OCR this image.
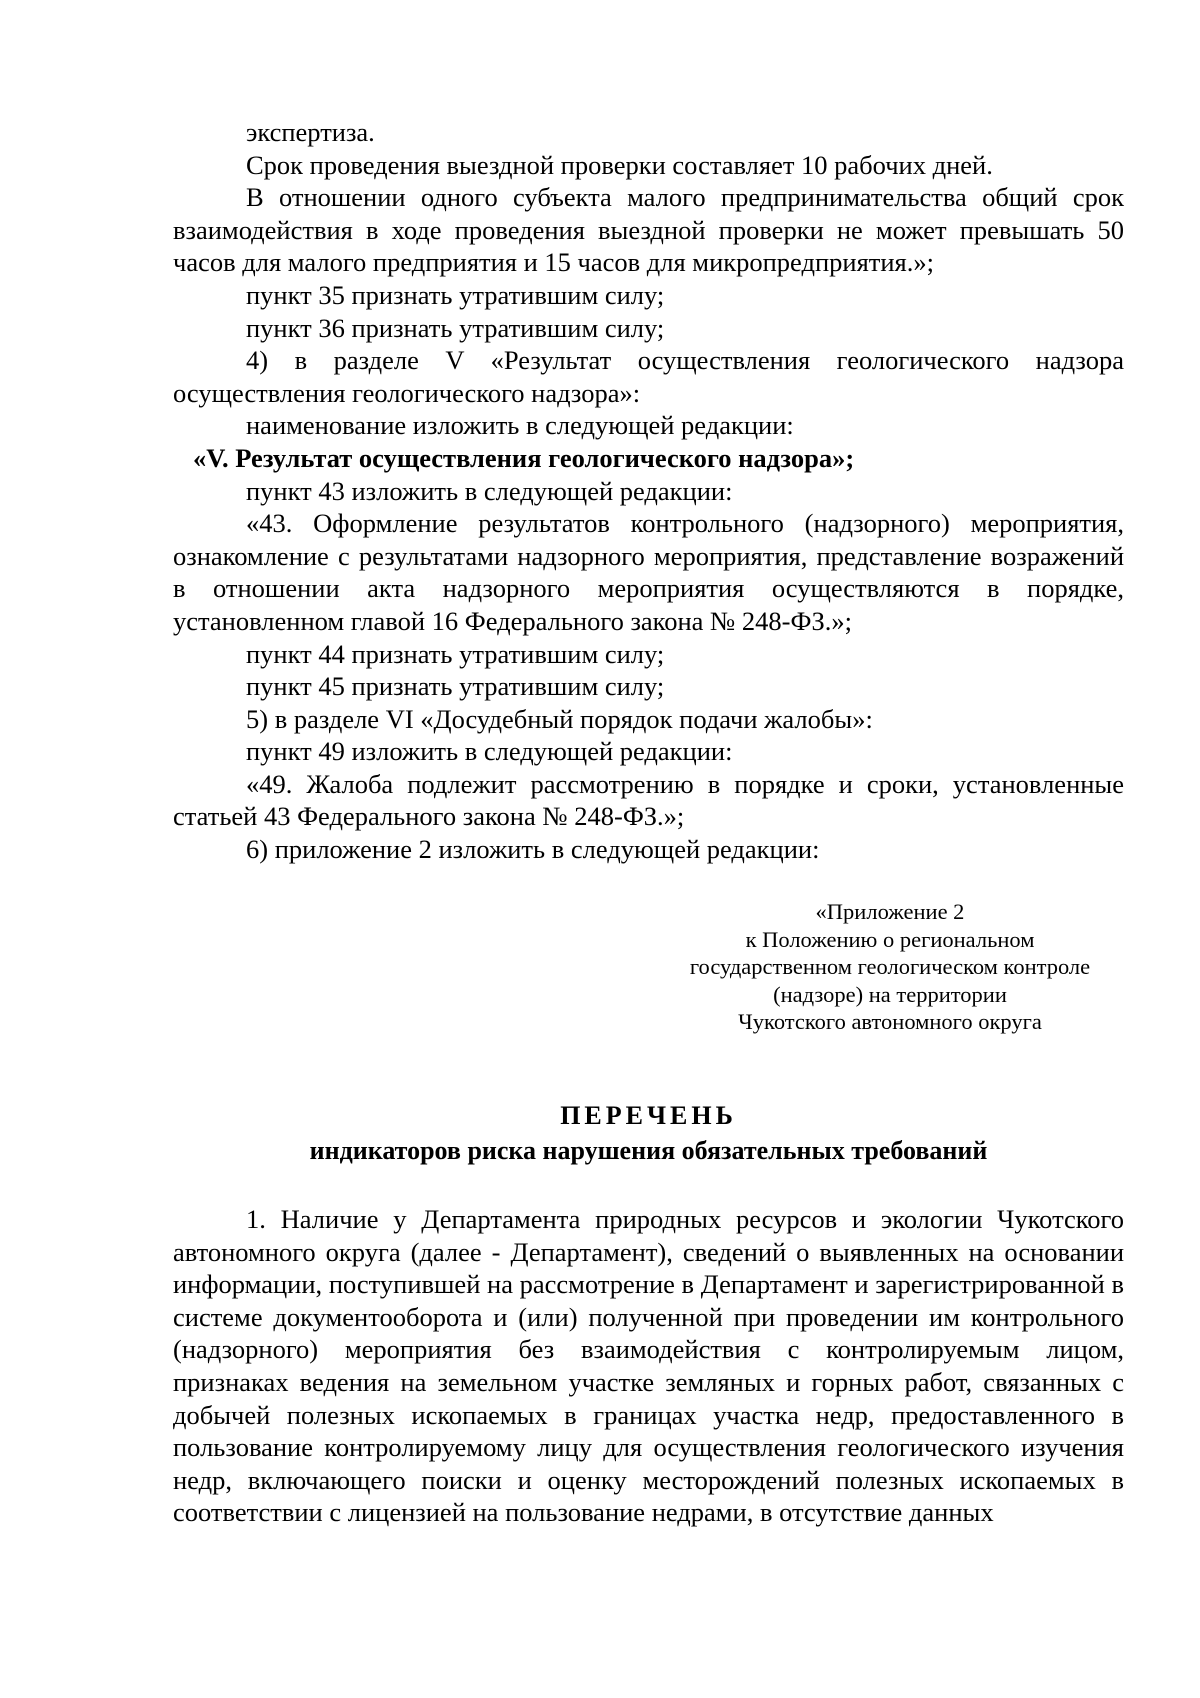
экспертиза.

Срок проведения выездной проверки составляет 10 рабочих дней.

В отношении одного субъекта малого предпринимательства общий срок взаимодействия в ходе проведения выездной проверки не может превышать 50 часов для малого предприятия и 15 часов для микропредприятия.»;

пункт 35 признать утратившим силу;

пункт 36 признать утратившим силу;

4) в разделе V «Результат осуществления геологического надзора осуществления геологического надзора»:

наименование изложить в следующей редакции:

«V. Результат осуществления геологического надзора»;

пункт 43 изложить в следующей редакции:

«43. Оформление результатов контрольного (надзорного) мероприятия, ознакомление с результатами надзорного мероприятия, представление возражений в отношении акта надзорного мероприятия осуществляются в порядке, установленном главой 16 Федерального закона № 248-ФЗ.»;

пункт 44 признать утратившим силу;

пункт 45 признать утратившим силу;

5) в разделе VI «Досудебный порядок подачи жалобы»:

пункт 49 изложить в следующей редакции:

«49. Жалоба подлежит рассмотрению в порядке и сроки, установленные статьей 43 Федерального закона № 248-ФЗ.»;

6) приложение 2 изложить в следующей редакции:

«Приложение 2
к Положению о региональном
государственном геологическом контроле
(надзоре) на территории
Чукотского автономного округа
ПЕРЕЧЕНЬ
индикаторов риска нарушения обязательных требований

1. Наличие у Департамента природных ресурсов и экологии Чукотского автономного округа (далее - Департамент), сведений о выявленных на основании информации, поступившей на рассмотрение в Департамент и зарегистрированной в системе документооборота и (или) полученной при проведении им контрольного (надзорного) мероприятия без взаимодействия с контролируемым лицом, признаках ведения на земельном участке земляных и горных работ, связанных с добычей полезных ископаемых в границах участка недр, предоставленного в пользование контролируемому лицу для осуществления геологического изучения недр, включающего поиски и оценку месторождений полезных ископаемых в соответствии с лицензией на пользование недрами, в отсутствие данных
